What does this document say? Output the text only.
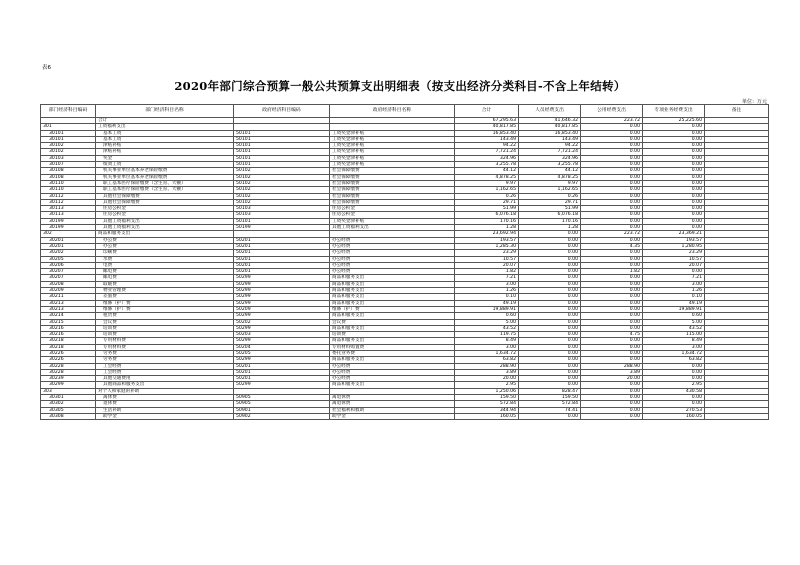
表6
2020年部门综合预算一般公共预算支出明细表（按支出经济分类科目-不含上年结转）
单位：万元
部门经济科目编码	部门经济科目名称	政府经济科目编码	政府经济科目名称	合计	人员经费支出	公用经费支出	专项业务经费支出	备注
	合计			67,295.63	41,646.32	223.72	25,225.60	
301	工资福利支出			40,817.85	40,817.85	0.00	0.00	
30101	基本工资	50101	工资奖金津补贴	16,853.40	16,853.40	0.00	0.00	
30101	基本工资	50101	工资奖金津补贴	143.49	143.49	0.00	0.00	
30102	津贴补贴	50101	工资奖金津补贴	94.22	94.22	0.00	0.00	
30102	津贴补贴	50101	工资奖金津补贴	7,721.24	7,721.24	0.00	0.00	
30103	奖金	50101	工资奖金津补贴	324.96	324.96	0.00	0.00	
30107	绩效工资	50101	工资奖金津补贴	3,255.78	3,255.78	0.00	0.00	
30108	机关事业单位基本养老保险缴费	50102	社会保障缴费	44.12	44.12	0.00	0.00	
30108	机关事业单位基本养老保险缴费	50102	社会保障缴费	4,878.25	4,878.25	0.00	0.00	
30110	职工基本医疗保险缴费（含生育、大额）	50102	社会保障缴费	9.97	9.97	0.00	0.00	
30110	职工基本医疗保险缴费（含生育、大额）	50102	社会保障缴费	1,162.65	1,162.65	0.00	0.00	
30112	其他社会保障缴费	50102	社会保障缴费	0.26	0.26	0.00	0.00	
30112	其他社会保障缴费	50102	社会保障缴费	29.71	29.71	0.00	0.00	
30113	住房公积金	50103	住房公积金	51.99	51.99	0.00	0.00	
30113	住房公积金	50103	住房公积金	6,076.18	6,076.18	0.00	0.00	
30199	其他工资福利支出	50101	工资奖金津补贴	170.16	170.16	0.00	0.00	
30199	其他工资福利支出	50199	其他工资福利支出	1.28	1.28	0.00	0.00	
302	商品和服务支出			23,692.94	0.00	223.72	23,369.21	
30201	办公费	50201	办公经费	193.57	0.00	0.00	193.57	
30201	办公费	50201	办公经费	1,285.30	0.00	4.35	1,280.95	
30202	印刷费	50201	办公经费	23.29	0.00	0.00	23.29	
30205	水费	50201	办公经费	10.57	0.00	0.00	10.57	
30206	电费	50201	办公经费	20.07	0.00	0.00	20.07	
30207	邮电费	50201	办公经费	1.82	0.00	1.82	0.00	
30207	邮电费	50299	商品和服务支出	7.21	0.00	0.00	7.21	
30208	取暖费	50299	商品和服务支出	3.00	0.00	0.00	3.00	
30209	物业管理费	50299	商品和服务支出	1.26	0.00	0.00	1.26	
30211	差旅费	50299	商品和服务支出	0.10	0.00	0.00	0.10	
30213	维修（护）费	50299	商品和服务支出	49.19	0.00	0.00	49.19	
30213	维修（护）费	50209	维修（护）费	19,889.91	0.00	0.00	19,889.91	
30214	租赁费	50299	商品和服务支出	0.60	0.00	0.00	0.60	
30215	会议费	50202	会议费	5.00	0.00	0.00	5.00	
30216	培训费	50299	商品和服务支出	43.52	0.00	0.00	43.52	
30216	培训费	50203	培训费	119.75	0.00	4.75	115.00	
30218	专用材料费	50299	商品和服务支出	8.49	0.00	0.00	8.49	
30218	专用材料费	50204	专用材料购置费	3.00	0.00	0.00	3.00	
30226	劳务费	50205	委托业务费	1,634.72	0.00	0.00	1,634.72	
30226	劳务费	50299	商品和服务支出	63.82	0.00	0.00	63.82	
30228	工会经费	50201	办公经费	288.90	0.00	288.90	0.00	
30228	工会经费	50201	办公经费	3.89	0.00	3.89	0.00	
30239	其他交通费用	50201	办公经费	20.00	0.00	20.00	0.00	
30299	其他商品和服务支出	50299	商品和服务支出	2.95	0.00	0.00	2.95	
303	对个人和家庭的补助			1,250.06	828.47	0.00	430.58	
30301	离休费	50905	离退休费	159.50	159.50	0.00	0.00	
30302	退休费	50905	离退休费	572.84	572.84	0.00	0.00	
30305	生活补助	50901	社会福利和救助	344.94	74.41	0.00	270.53	
30308	助学金	50902	助学金	160.05	0.00	0.00	160.05	
